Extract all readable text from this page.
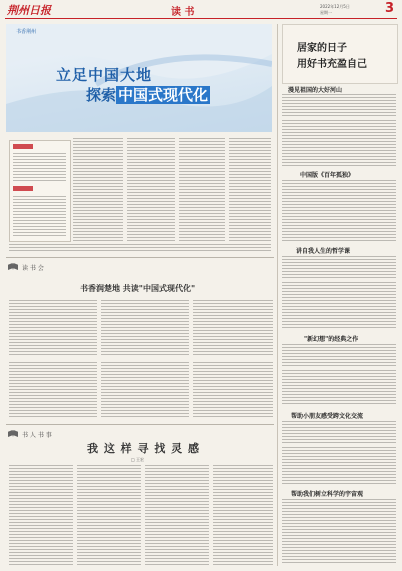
荆州日报	读 书
2022年12月5日
星期一	3
书香荆州
立足中国大地
探索 中国式现代化
读 书 会
书香润楚地 共读"中国式现代化"
书 人 书 事
我 这 样 寻 找 灵 感
□ 王宏
居家的日子
用好书充盈自己
漫见祖国的大好河山
中国版《百年孤独》
讲自我人生的哲学课
"新幻想"的经典之作
帮助小朋友感受跨文化交流
帮助我们树立科学的宇宙观
